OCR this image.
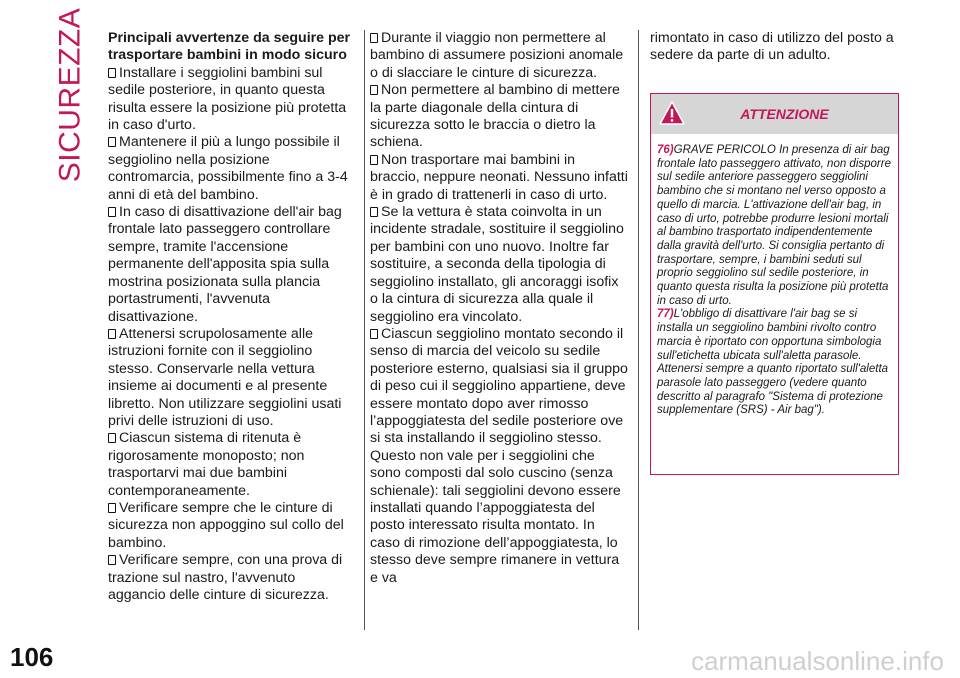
SICUREZZA Principali avvertenze da seguire per trasportare bambini in modo sicuro

Installare i seggiolini bambini sul sedile posteriore, in quanto questa risulta essere la posizione più protetta in caso d'urto.

Mantenere il più a lungo possibile il seggiolino nella posizione contromarcia, possibilmente fino a 3-4 anni di età del bambino.

In caso di disattivazione dell'air bag frontale lato passeggero controllare sempre, tramite l'accensione permanente dell'apposita spia sulla mostrina posizionata sulla plancia portastrumenti, l'avvenuta disattivazione.

Attenersi scrupolosamente alle istruzioni fornite con il seggiolino stesso. Conservarle nella vettura insieme ai documenti e al presente libretto. Non utilizzare seggiolini usati privi delle istruzioni di uso.

Ciascun sistema di ritenuta è rigorosamente monoposto; non trasportarvi mai due bambini contemporaneamente.

Verificare sempre che le cinture di sicurezza non appoggino sul collo del bambino.

Verificare sempre, con una prova di trazione sul nastro, l'avvenuto aggancio delle cinture di sicurezza.

Durante il viaggio non permettere al bambino di assumere posizioni anomale o di slacciare le cinture di sicurezza.

Non permettere al bambino di mettere la parte diagonale della cintura di sicurezza sotto le braccia o dietro la schiena.

Non trasportare mai bambini in braccio, neppure neonati. Nessuno infatti è in grado di trattenerli in caso di urto.

Se la vettura è stata coinvolta in un incidente stradale, sostituire il seggiolino per bambini con uno nuovo. Inoltre far sostituire, a seconda della tipologia di seggiolino installato, gli ancoraggi isofix o la cintura di sicurezza alla quale il seggiolino era vincolato.

Ciascun seggiolino montato secondo il senso di marcia del veicolo su sedile posteriore esterno, qualsiasi sia il gruppo di peso cui il seggiolino appartiene, deve essere montato dopo aver rimosso l’appoggiatesta del sedile posteriore ove si sta installando il seggiolino stesso. Questo non vale per i seggiolini che sono composti dal solo cuscino (senza schienale): tali seggiolini devono essere installati quando l’appoggiatesta del posto interessato risulta montato. In caso di rimozione dell’appoggiatesta, lo stesso deve sempre rimanere in vettura e va

rimontato in caso di utilizzo del posto a sedere da parte di un adulto.

ATTENZIONE

76)GRAVE PERICOLO In presenza di air bag frontale lato passeggero attivato, non disporre sul sedile anteriore passeggero seggiolini bambino che si montano nel verso opposto a quello di marcia. L'attivazione dell'air bag, in caso di urto, potrebbe produrre lesioni mortali al bambino trasportato indipendentemente dalla gravità dell'urto. Si consiglia pertanto di trasportare, sempre, i bambini seduti sul proprio seggiolino sul sedile posteriore, in quanto questa risulta la posizione più protetta in caso di urto.

77)L'obbligo di disattivare l'air bag se si installa un seggiolino bambini rivolto contro marcia è riportato con opportuna simbologia sull'etichetta ubicata sull'aletta parasole. Attenersi sempre a quanto riportato sull'aletta parasole lato passeggero (vedere quanto descritto al paragrafo "Sistema di protezione supplementare (SRS) - Air bag").

106	carmanualsonline.info
